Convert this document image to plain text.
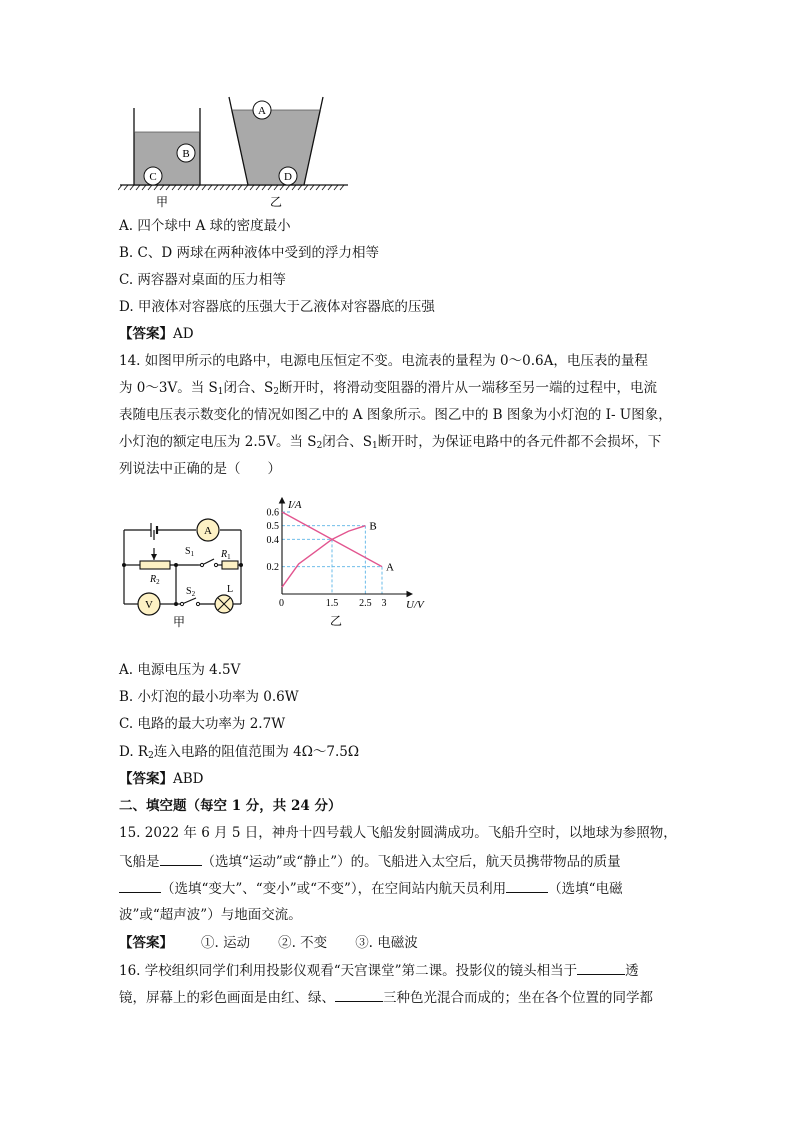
B
C
A
D
甲	乙
A. 四个球中 A 球的密度最小
B. C、D 两球在两种液体中受到的浮力相等
C. 两容器对桌面的压力相等
D. 甲液体对容器底的压强大于乙液体对容器底的压强
【答案】AD
14. 如图甲所示的电路中，电源电压恒定不变。电流表的量程为 0～0.6A，电压表的量程
为 0～3V。当 $S_1$闭合、$S_2$断开时，将滑动变阻器的滑片从一端移至另一端的过程中，电流
表随电压表示数变化的情况如图乙中的 A 图象所示。图乙中的 B 图象为小灯泡的 I- U图象，
小灯泡的额定电压为 2.5V。当 $S_2$闭合、$S_1$断开时，为保证电路中的各元件都不会损坏，下
列说法中正确的是（　　）
A
V
$R_2$
$R_1$
$S_1$
$S_2$	L
甲
A
B
0.6
0.5
0.4
0.2
1.5 2.5 3
I/A
U/V
0
乙
A. 电源电压为 4.5V
B. 小灯泡的最小功率为 0.6W
C. 电路的最大功率为 2.7W
D. $R_2$连入电路的阻值范围为 4Ω～7.5Ω
【答案】ABD
二、填空题（每空 1 分，共 24 分）
15. 2022 年 6 月 5 日，神舟十四号载人飞船发射圆满成功。飞船升空时，以地球为参照物，
飞船是	（选填“运动”或“静止”）的。飞船进入太空后，航天员携带物品的质量
（选填“变大”、“变小”或“不变”），在空间站内航天员利用	（选填“电磁
波”或“超声波”）与地面交流。
【答案】 ①. 运动 ②. 不变 ③. 电磁波
16. 学校组织同学们利用投影仪观看“天宫课堂”第二课。投影仪的镜头相当于	透
镜，屏幕上的彩色画面是由红、绿、	三种色光混合而成的；坐在各个位置的同学都
